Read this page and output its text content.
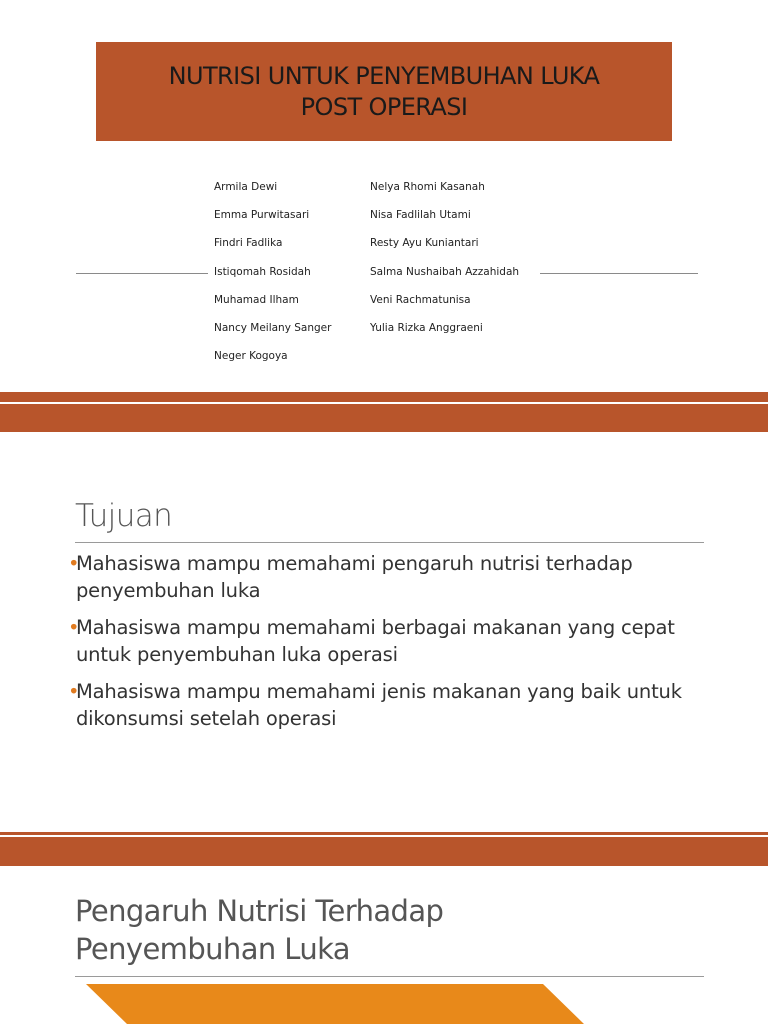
NUTRISI UNTUK PENYEMBUHAN LUKA
POST OPERASI
Armila Dewi
Emma Purwitasari
Findri Fadlika
Istiqomah Rosidah
Muhamad Ilham
Nancy Meilany Sanger
Neger Kogoya
Nelya Rhomi Kasanah
Nisa Fadlilah Utami
Resty Ayu Kuniantari
Salma Nushaibah Azzahidah
Veni Rachmatunisa
Yulia Rizka Anggraeni
Tujuan
•
Mahasiswa mampu memahami pengaruh nutrisi terhadap penyembuhan luka
•
Mahasiswa mampu memahami berbagai makanan yang cepat untuk penyembuhan luka operasi
•
Mahasiswa mampu memahami jenis makanan yang baik untuk dikonsumsi setelah operasi
Pengaruh Nutrisi Terhadap
Penyembuhan Luka
